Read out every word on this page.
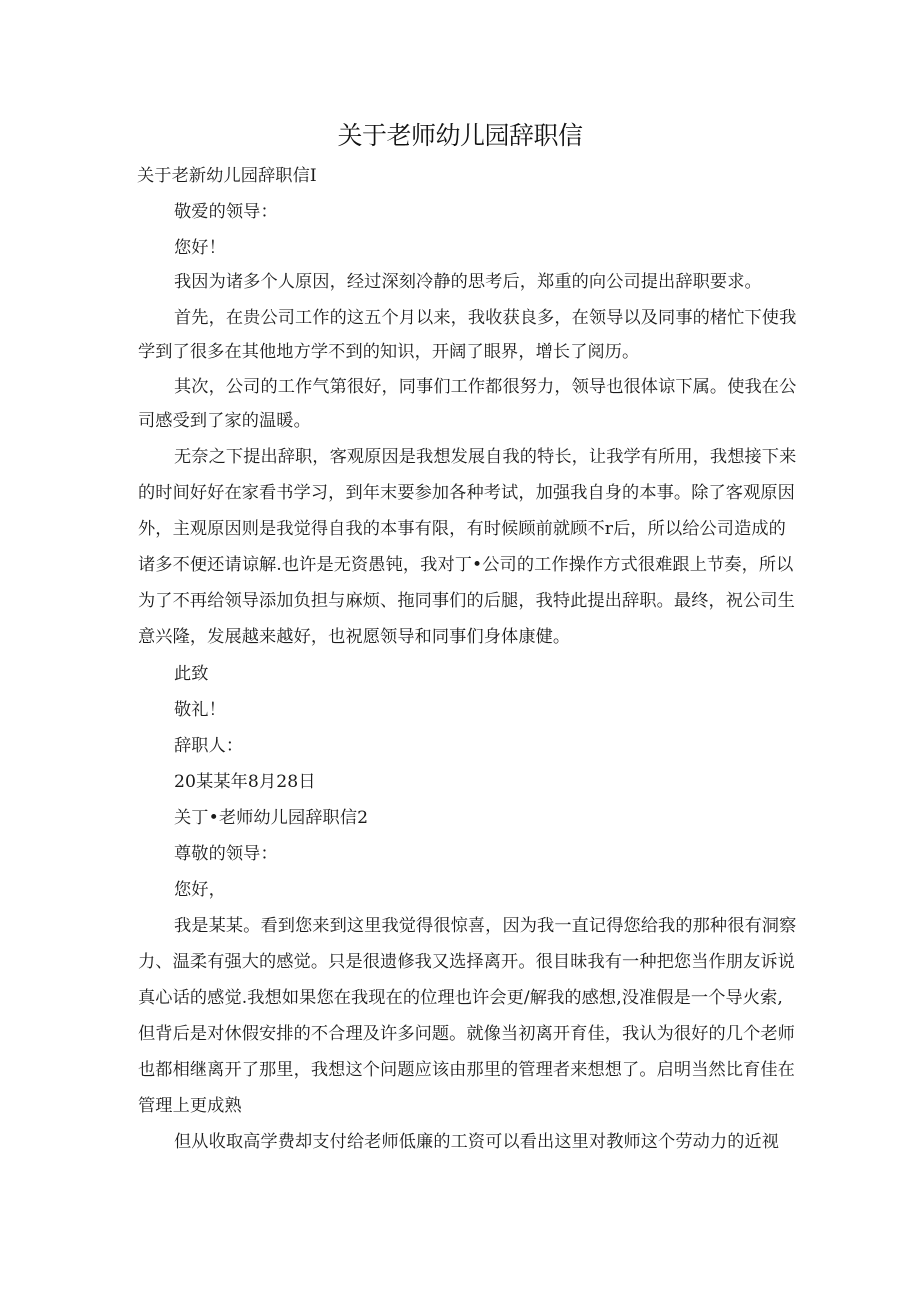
关于老师幼儿园辞职信
关于老新幼儿园辞职信I
敬爱的领导：
您好！
我因为诸多个人原因，经过深刻冷静的思考后，郑重的向公司提出辞职要求。
首先，在贵公司工作的这五个月以来，我收获良多，在领导以及同事的楮忙下使我
学到了很多在其他地方学不到的知识，开阔了眼界，增长了阅历。
其次，公司的工作气第很好，同事们工作都很努力，领导也很体谅下属。使我在公
司感受到了家的温暖。
无奈之下提出辞职，客观原因是我想发展自我的特长，让我学有所用，我想接下来
的时间好好在家看书学习，到年末要参加各种考试，加强我自身的本事。除了客观原因
外，主观原因则是我觉得自我的本事有限，有时候顾前就顾不r后，所以给公司造成的
诸多不便还请谅解.也许是无资愚钝，我对丁•公司的工作操作方式很难跟上节奏，所以
为了不再给领导添加负担与麻烦、拖同事们的后腿，我特此提出辞职。最终，祝公司生
意兴隆，发展越来越好，也祝愿领导和同事们身体康健。
此致
敬礼！
辞职人：
20某某年8月28日
关丁•老师幼儿园辞职信2
尊敬的领导：
您好，
我是某某。看到您来到这里我觉得很惊喜，因为我一直记得您给我的那种很有洞察
力、温柔有强大的感觉。只是很遗修我又选择离开。很目昧我有一种把您当作朋友诉说
真心话的感觉.我想如果您在我现在的位理也许会更/解我的感想,没准假是一个导火索,
但背后是对休假安排的不合理及许多问题。就像当初离开育佳，我认为很好的几个老师
也都相继离开了那里，我想这个问题应该由那里的管理者来想想了。启明当然比育佳在
管理上更成熟
但从收取高学费却支付给老师低廉的工资可以看出这里对教师这个劳动力的近视
